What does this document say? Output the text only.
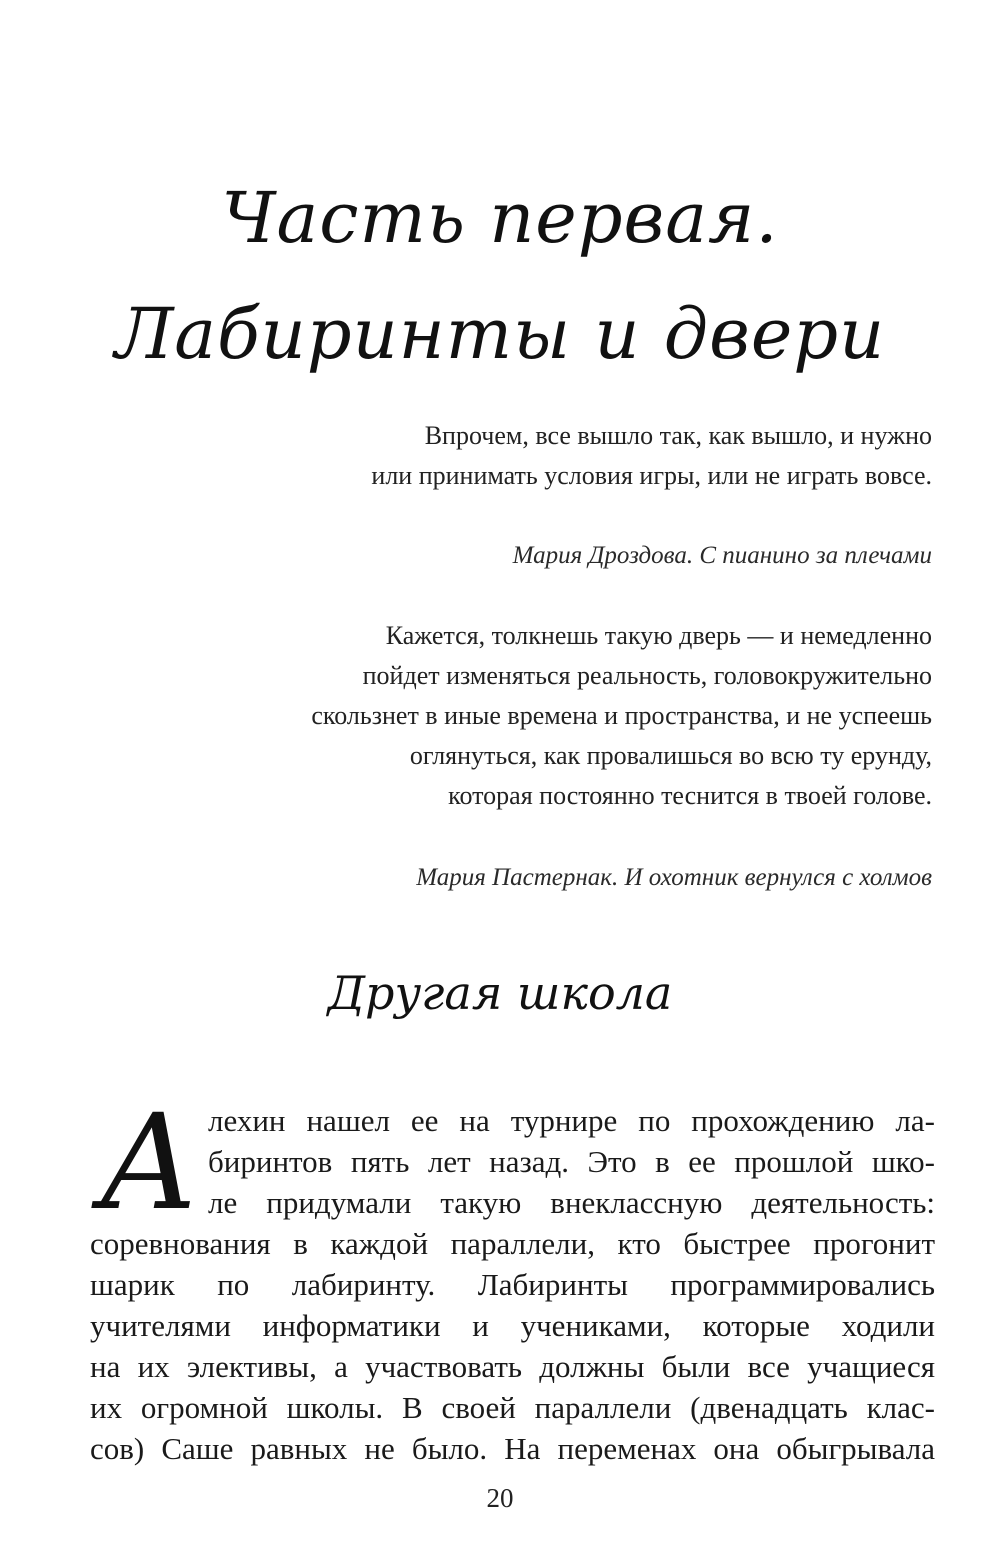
Часть первая.
Лабиринты и двери

Впрочем, все вышло так, как вышло, и нужно

или принимать условия игры, или не играть вовсе.

Мария Дроздова. С пианино за плечами

Кажется, толкнешь такую дверь — и немедленно

пойдет изменяться реальность, головокружительно

скользнет в иные времена и пространства, и не успеешь

оглянуться, как провалишься во всю ту ерунду,

которая постоянно теснится в твоей голове.

Мария Пастернак. И охотник вернулся с холмов
Другая школа
А лехин нашел ее на турнире по прохождению ла-
биринтов пять лет назад. Это в ее прошлой шко-
ле придумали такую внеклассную деятельность:
соревнования в каждой параллели, кто быстрее прогонит
шарик по лабиринту. Лабиринты программировались
учителями информатики и учениками, которые ходили
на их элективы, а участвовать должны были все учащиеся
их огромной школы. В своей параллели (двенадцать клас-
сов) Саше равных не было. На переменах она обыгрывала
20
